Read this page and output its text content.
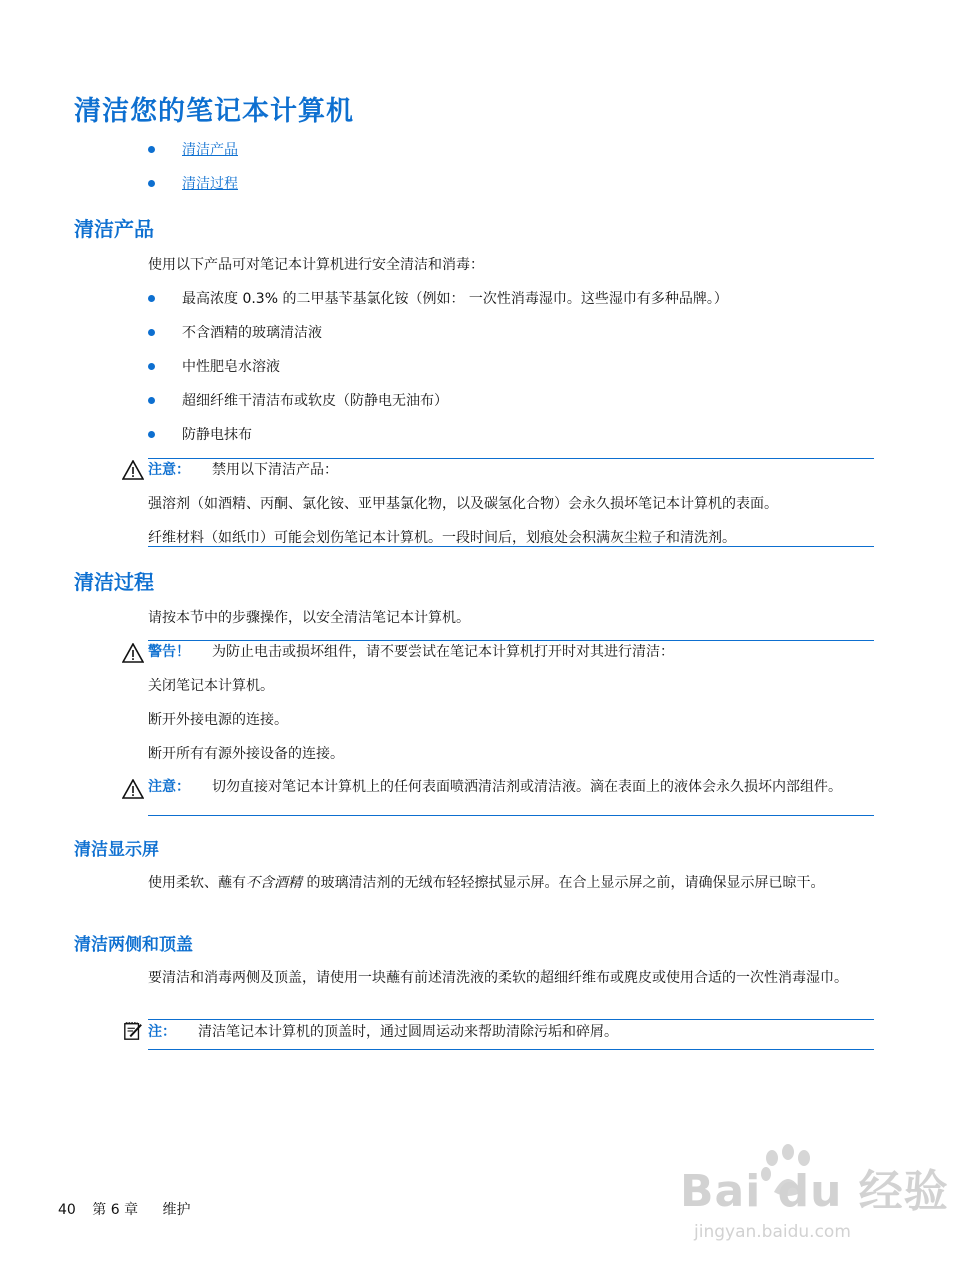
清洁您的笔记本计算机
清洁产品
清洁过程
清洁产品
使用以下产品可对笔记本计算机进行安全清洁和消毒：
最高浓度 0.3% 的二甲基苄基氯化铵（例如： 一次性消毒湿巾。这些湿巾有多种品牌。）
不含酒精的玻璃清洁液
中性肥皂水溶液
超细纤维干清洁布或软皮（防静电无油布）
防静电抹布
注意： 禁用以下清洁产品：
强溶剂（如酒精、丙酮、氯化铵、亚甲基氯化物，以及碳氢化合物）会永久损坏笔记本计算机的表面。
纤维材料（如纸巾）可能会划伤笔记本计算机。一段时间后，划痕处会积满灰尘粒子和清洗剂。
清洁过程
请按本节中的步骤操作，以安全清洁笔记本计算机。
警告！ 为防止电击或损坏组件，请不要尝试在笔记本计算机打开时对其进行清洁：
关闭笔记本计算机。
断开外接电源的连接。
断开所有有源外接设备的连接。
注意： 切勿直接对笔记本计算机上的任何表面喷洒清洁剂或清洁液。滴在表面上的液体会永久损坏内部组件。
清洁显示屏
使用柔软、蘸有不含酒精 的玻璃清洁剂的无绒布轻轻擦拭显示屏。在合上显示屏之前，请确保显示屏已晾干。
清洁两侧和顶盖
要清洁和消毒两侧及顶盖，请使用一块蘸有前述清洗液的柔软的超细纤维布或麂皮或使用合适的一次性消毒湿巾。
注： 清洁笔记本计算机的顶盖时，通过圆周运动来帮助清除污垢和碎屑。
40 第 6 章 维护	Bai du 经验
jingyan.baidu.com
